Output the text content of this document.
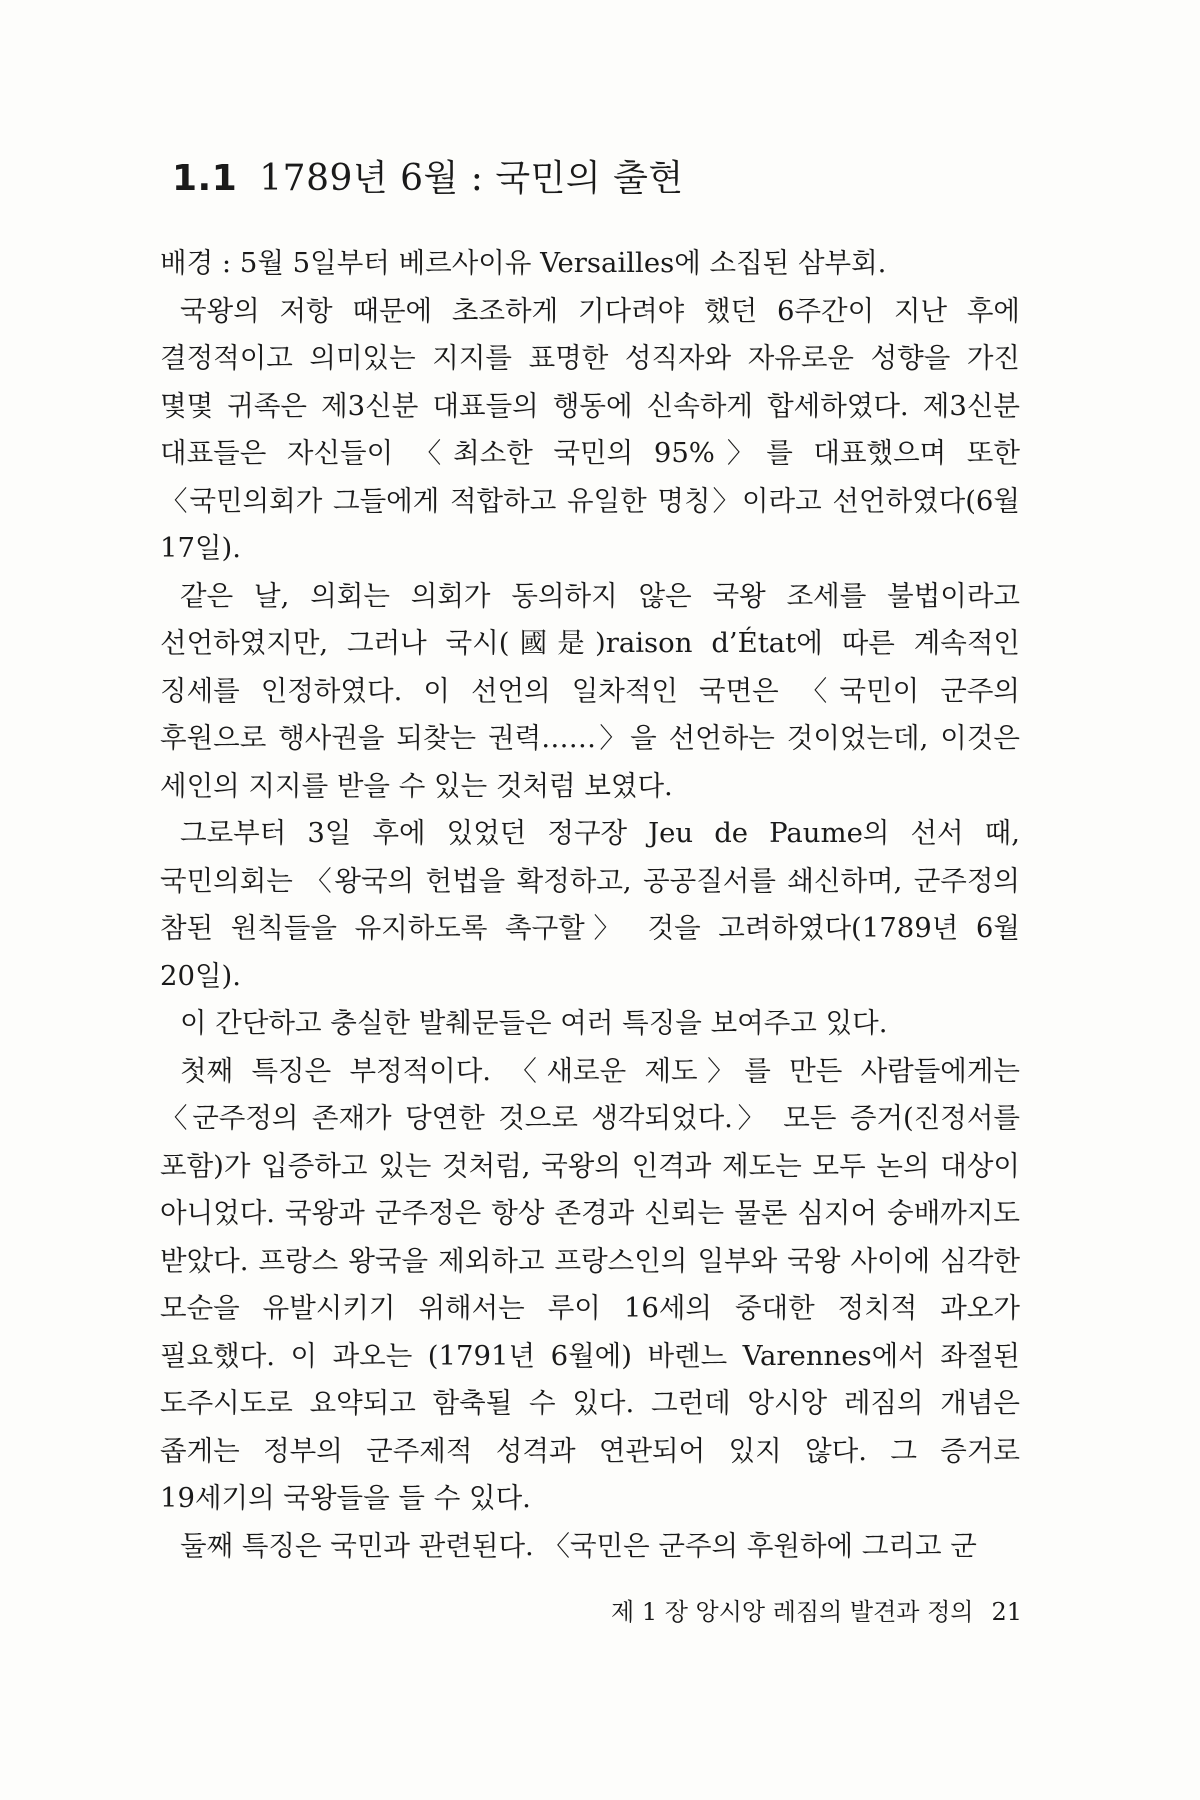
1.1 1789년 6월 : 국민의 출현

배경 : 5월 5일부터 베르사이유 Versailles에 소집된 삼부회.

국왕의 저항 때문에 초조하게 기다려야 했던 6주간이 지난 후에 결정적이고 의미있는 지지를 표명한 성직자와 자유로운 성향을 가진 몇몇 귀족은 제3신분 대표들의 행동에 신속하게 합세하였다. 제3신분 대표들은 자신들이 〈최소한 국민의 95%〉를 대표했으며 또한 〈국민의회가 그들에게 적합하고 유일한 명칭〉이라고 선언하였다(6월 17일).

같은 날, 의회는 의회가 동의하지 않은 국왕 조세를 불법이라고 선언하였지만, 그러나 국시(國是)raison d’État에 따른 계속적인 징세를 인정하였다. 이 선언의 일차적인 국면은 〈국민이 군주의 후원으로 행사권을 되찾는 권력……〉을 선언하는 것이었는데, 이것은 세인의 지지를 받을 수 있는 것처럼 보였다.

그로부터 3일 후에 있었던 정구장 Jeu de Paume의 선서 때, 국민의회는 〈왕국의 헌법을 확정하고, 공공질서를 쇄신하며, 군주정의 참된 원칙들을 유지하도록 촉구할〉 것을 고려하였다(1789년 6월 20일).

이 간단하고 충실한 발췌문들은 여러 특징을 보여주고 있다.

첫째 특징은 부정적이다. 〈새로운 제도〉를 만든 사람들에게는 〈군주정의 존재가 당연한 것으로 생각되었다.〉 모든 증거(진정서를 포함)가 입증하고 있는 것처럼, 국왕의 인격과 제도는 모두 논의 대상이 아니었다. 국왕과 군주정은 항상 존경과 신뢰는 물론 심지어 숭배까지도 받았다. 프랑스 왕국을 제외하고 프랑스인의 일부와 국왕 사이에 심각한 모순을 유발시키기 위해서는 루이 16세의 중대한 정치적 과오가 필요했다. 이 과오는 (1791년 6월에) 바렌느 Varennes에서 좌절된 도주시도로 요약되고 함축될 수 있다. 그런데 앙시앙 레짐의 개념은 좁게는 정부의 군주제적 성격과 연관되어 있지 않다. 그 증거로 19세기의 국왕들을 들 수 있다.

둘째 특징은 국민과 관련된다. 〈국민은 군주의 후원하에 그리고 군

제 1 장 앙시앙 레짐의 발견과 정의 21
